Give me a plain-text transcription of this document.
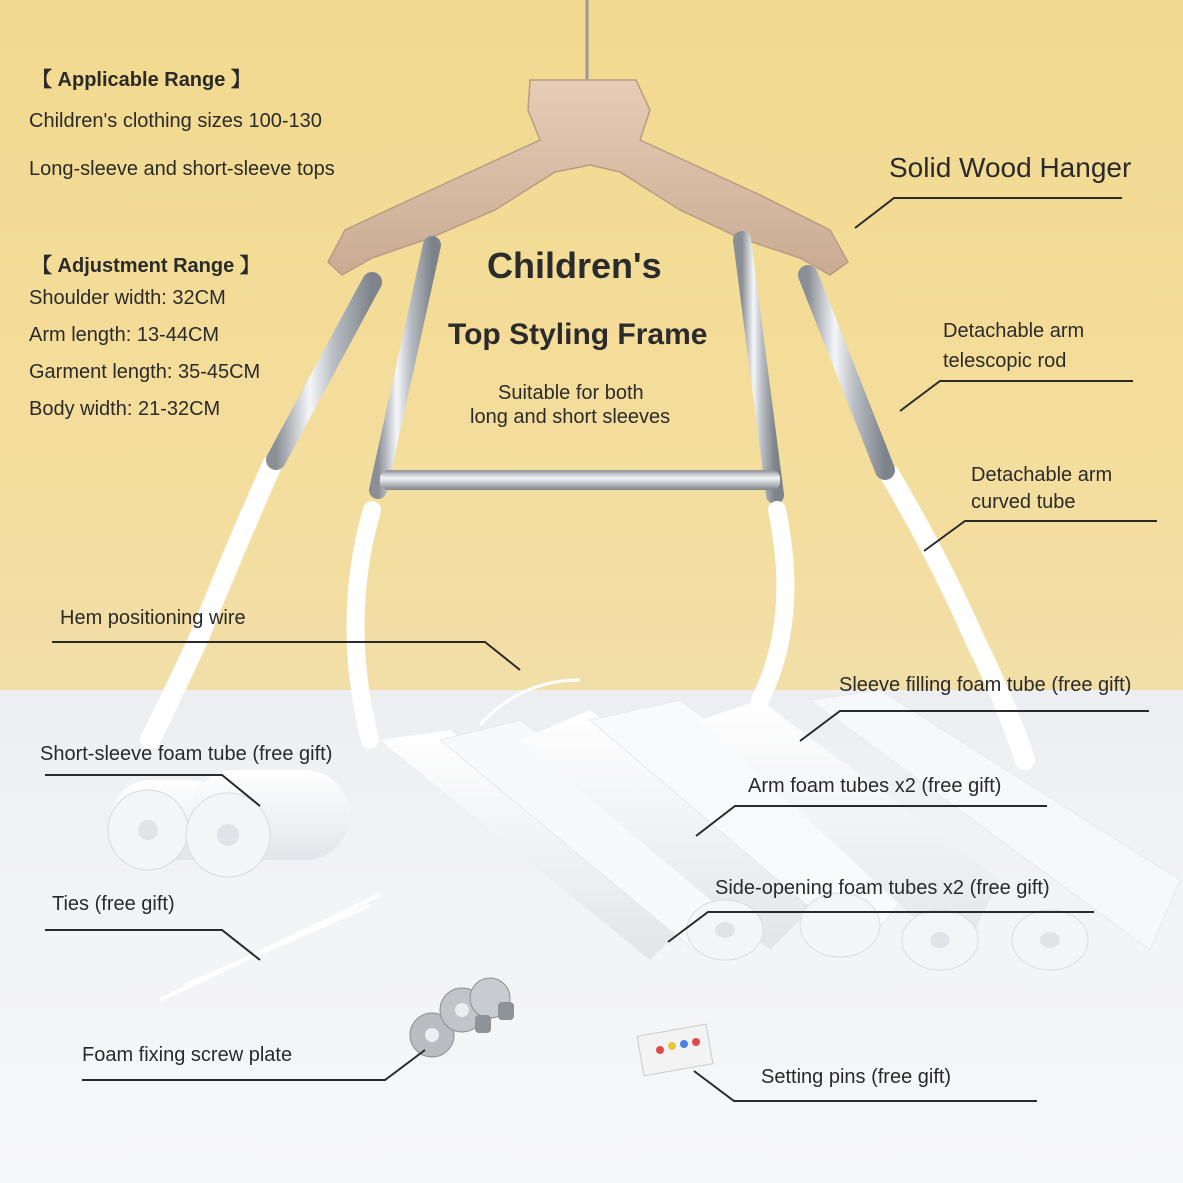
【 Applicable Range 】
Children's clothing sizes 100-130
Long-sleeve and short-sleeve tops
【 Adjustment Range 】
Shoulder width: 32CM
Arm length: 13-44CM
Garment length: 35-45CM
Body width: 21-32CM
Children's
Top Styling Frame
Suitable for both
long and short sleeves
Solid Wood Hanger
Detachable arm
telescopic rod
Detachable arm
curved tube
Hem positioning wire
Sleeve filling foam tube (free gift)
Short-sleeve foam tube (free gift)
Arm foam tubes x2 (free gift)
Side-opening foam tubes x2 (free gift)
Ties (free gift)
Foam fixing screw plate
Setting pins (free gift)
